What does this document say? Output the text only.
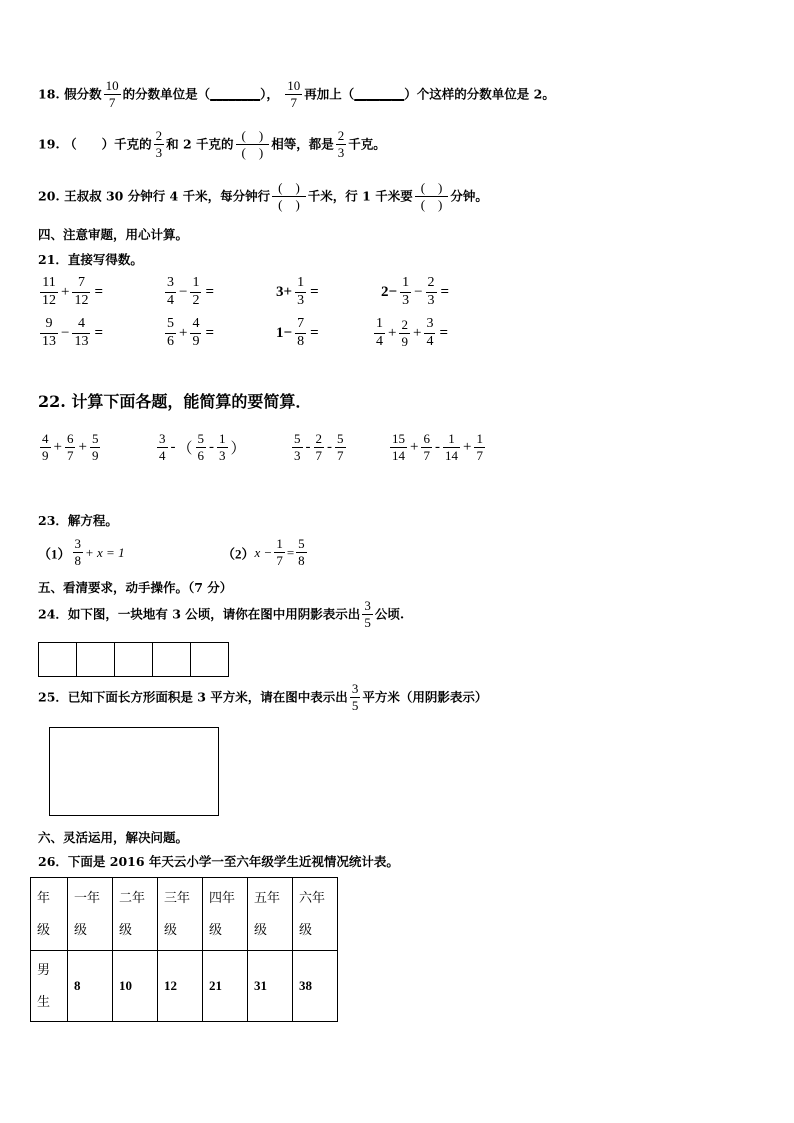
18. 假分数 $\frac{10}{7}$ 的分数单位是（________）， $\frac{10}{7}$ 再加上（________）个这样的分数单位是 2。
19. （　　）千克的 $\frac{2}{3}$ 和 2 千克的 $\frac{( )}{( )}$ 相等，都是 $\frac{2}{3}$ 千克。
20. 王叔叔 30 分钟行 4 千米，每分钟行 $\frac{( )}{( )}$ 千米，行 1 千米要 $\frac{( )}{( )}$ 分钟。
四、注意审题，用心计算。
21．直接写得数。
$\frac{11}{12} + \frac{7}{12}$ =	$\frac{3}{4} - \frac{1}{2}$ =	$3+ \frac{1}{3}$ =	$2- \frac{1}{3} - \frac{2}{3}$ =
$\frac{9}{13} - \frac{4}{13}$ =	$\frac{5}{6} + \frac{4}{9}$ =	$1- \frac{7}{8}$ =	$\frac{1}{4} + \frac{2}{9} + \frac{3}{4}$ =
22. 计算下面各题，能简算的要简算．
$\frac{4}{9} + \frac{6}{7} + \frac{5}{9}$	$\frac{3}{4}$ - （ $\frac{5}{6} - \frac{1}{3}$ ）	$\frac{5}{3} - \frac{2}{7} - \frac{5}{7}$	$\frac{15}{14} + \frac{6}{7} - \frac{1}{14} + \frac{1}{7}$
23．解方程。
$(1) \frac{3}{8} + x = 1$	$(2)x - \frac{1}{7} = \frac{5}{8}$
五、看清要求，动手操作。（7 分）
24．如下图，一块地有 3 公顷，请你在图中用阴影表示出 $\frac{3}{5}$ 公顷.

25．已知下面长方形面积是 3 平方米，请在图中表示出 $\frac{3}{5}$ 平方米（用阴影表示）
六、灵活运用，解决问题。
26．下面是 2016 年天云小学一至六年级学生近视情况统计表。
年级	一年级	二年级	三年级	四年级	五年级	六年级
男生	8	10	12	21	31	38
